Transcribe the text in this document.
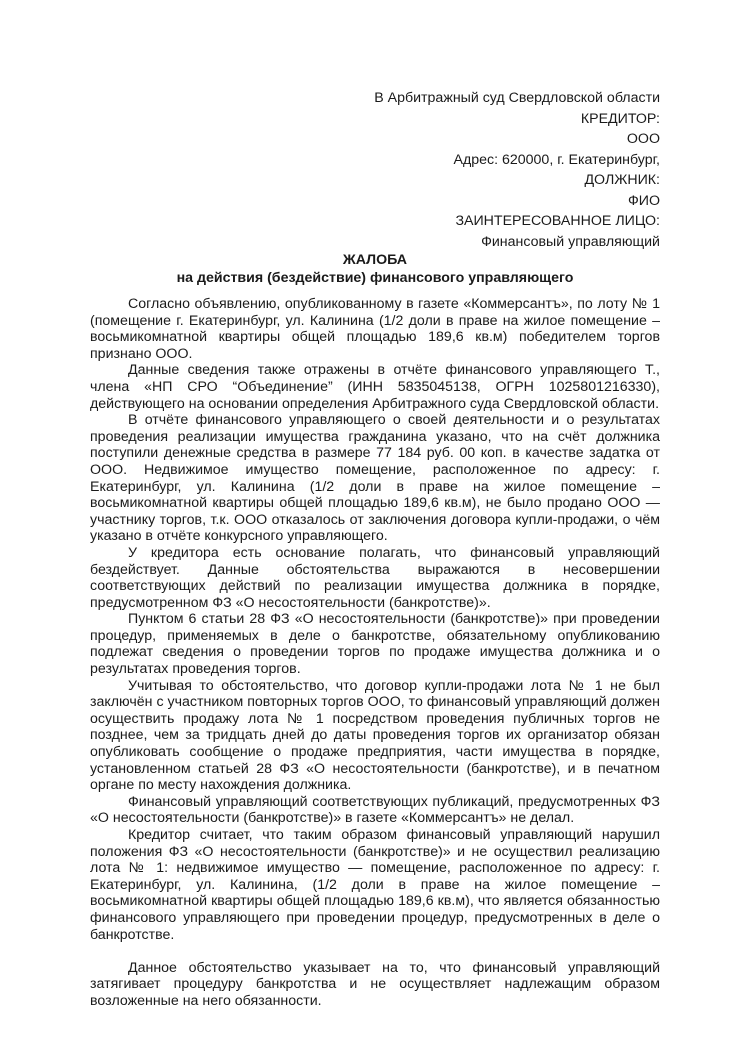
В Арбитражный суд Свердловской области
КРЕДИТОР:
ООО
Адрес: 620000, г. Екатеринбург,
ДОЛЖНИК:
ФИО
ЗАИНТЕРЕСОВАННОЕ ЛИЦО:
Финансовый управляющий
ЖАЛОБА
на действия (бездействие) финансового управляющего

Согласно объявлению, опубликованному в газете «Коммерсантъ», по лоту № 1 (помещение г. Екатеринбург, ул. Калинина (1/2 доли в праве на жилое помещение – восьмикомнатной квартиры общей площадью 189,6 кв.м) победителем торгов признано ООО.

Данные сведения также отражены в отчёте финансового управляющего Т., члена «НП СРО “Объединение” (ИНН 5835045138, ОГРН 1025801216330), действующего на основании определения Арбитражного суда Свердловской области.

В отчёте финансового управляющего о своей деятельности и о результатах проведения реализации имущества гражданина указано, что на счёт должника поступили денежные средства в размере 77 184 руб. 00 коп. в качестве задатка от ООО. Недвижимое имущество помещение, расположенное по адресу: г. Екатеринбург, ул. Калинина (1/2 доли в праве на жилое помещение – восьмикомнатной квартиры общей площадью 189,6 кв.м), не было продано ООО — участнику торгов, т.к. ООО отказалось от заключения договора купли-продажи, о чём указано в отчёте конкурсного управляющего.

У кредитора есть основание полагать, что финансовый управляющий бездействует. Данные обстоятельства выражаются в несовершении соответствующих действий по реализации имущества должника в порядке, предусмотренном ФЗ «О несостоятельности (банкротстве)».

Пунктом 6 статьи 28 ФЗ «О несостоятельности (банкротстве)» при проведении процедур, применяемых в деле о банкротстве, обязательному опубликованию подлежат сведения о проведении торгов по продаже имущества должника и о результатах проведения торгов.

Учитывая то обстоятельство, что договор купли-продажи лота № 1 не был заключён с участником повторных торгов ООО, то финансовый управляющий должен осуществить продажу лота № 1 посредством проведения публичных торгов не позднее, чем за тридцать дней до даты проведения торгов их организатор обязан опубликовать сообщение о продаже предприятия, части имущества в порядке, установленном статьей 28 ФЗ «О несостоятельности (банкротстве), и в печатном органе по месту нахождения должника.

Финансовый управляющий соответствующих публикаций, предусмотренных ФЗ «О несостоятельности (банкротстве)» в газете «Коммерсантъ» не делал.

Кредитор считает, что таким образом финансовый управляющий нарушил положения ФЗ «О несостоятельности (банкротстве)» и не осуществил реализацию лота № 1: недвижимое имущество — помещение, расположенное по адресу: г. Екатеринбург, ул. Калинина, (1/2 доли в праве на жилое помещение – восьмикомнатной квартиры общей площадью 189,6 кв.м), что является обязанностью финансового управляющего при проведении процедур, предусмотренных в деле о банкротстве.

Данное обстоятельство указывает на то, что финансовый управляющий затягивает процедуру банкротства и не осуществляет надлежащим образом возложенные на него обязанности.
